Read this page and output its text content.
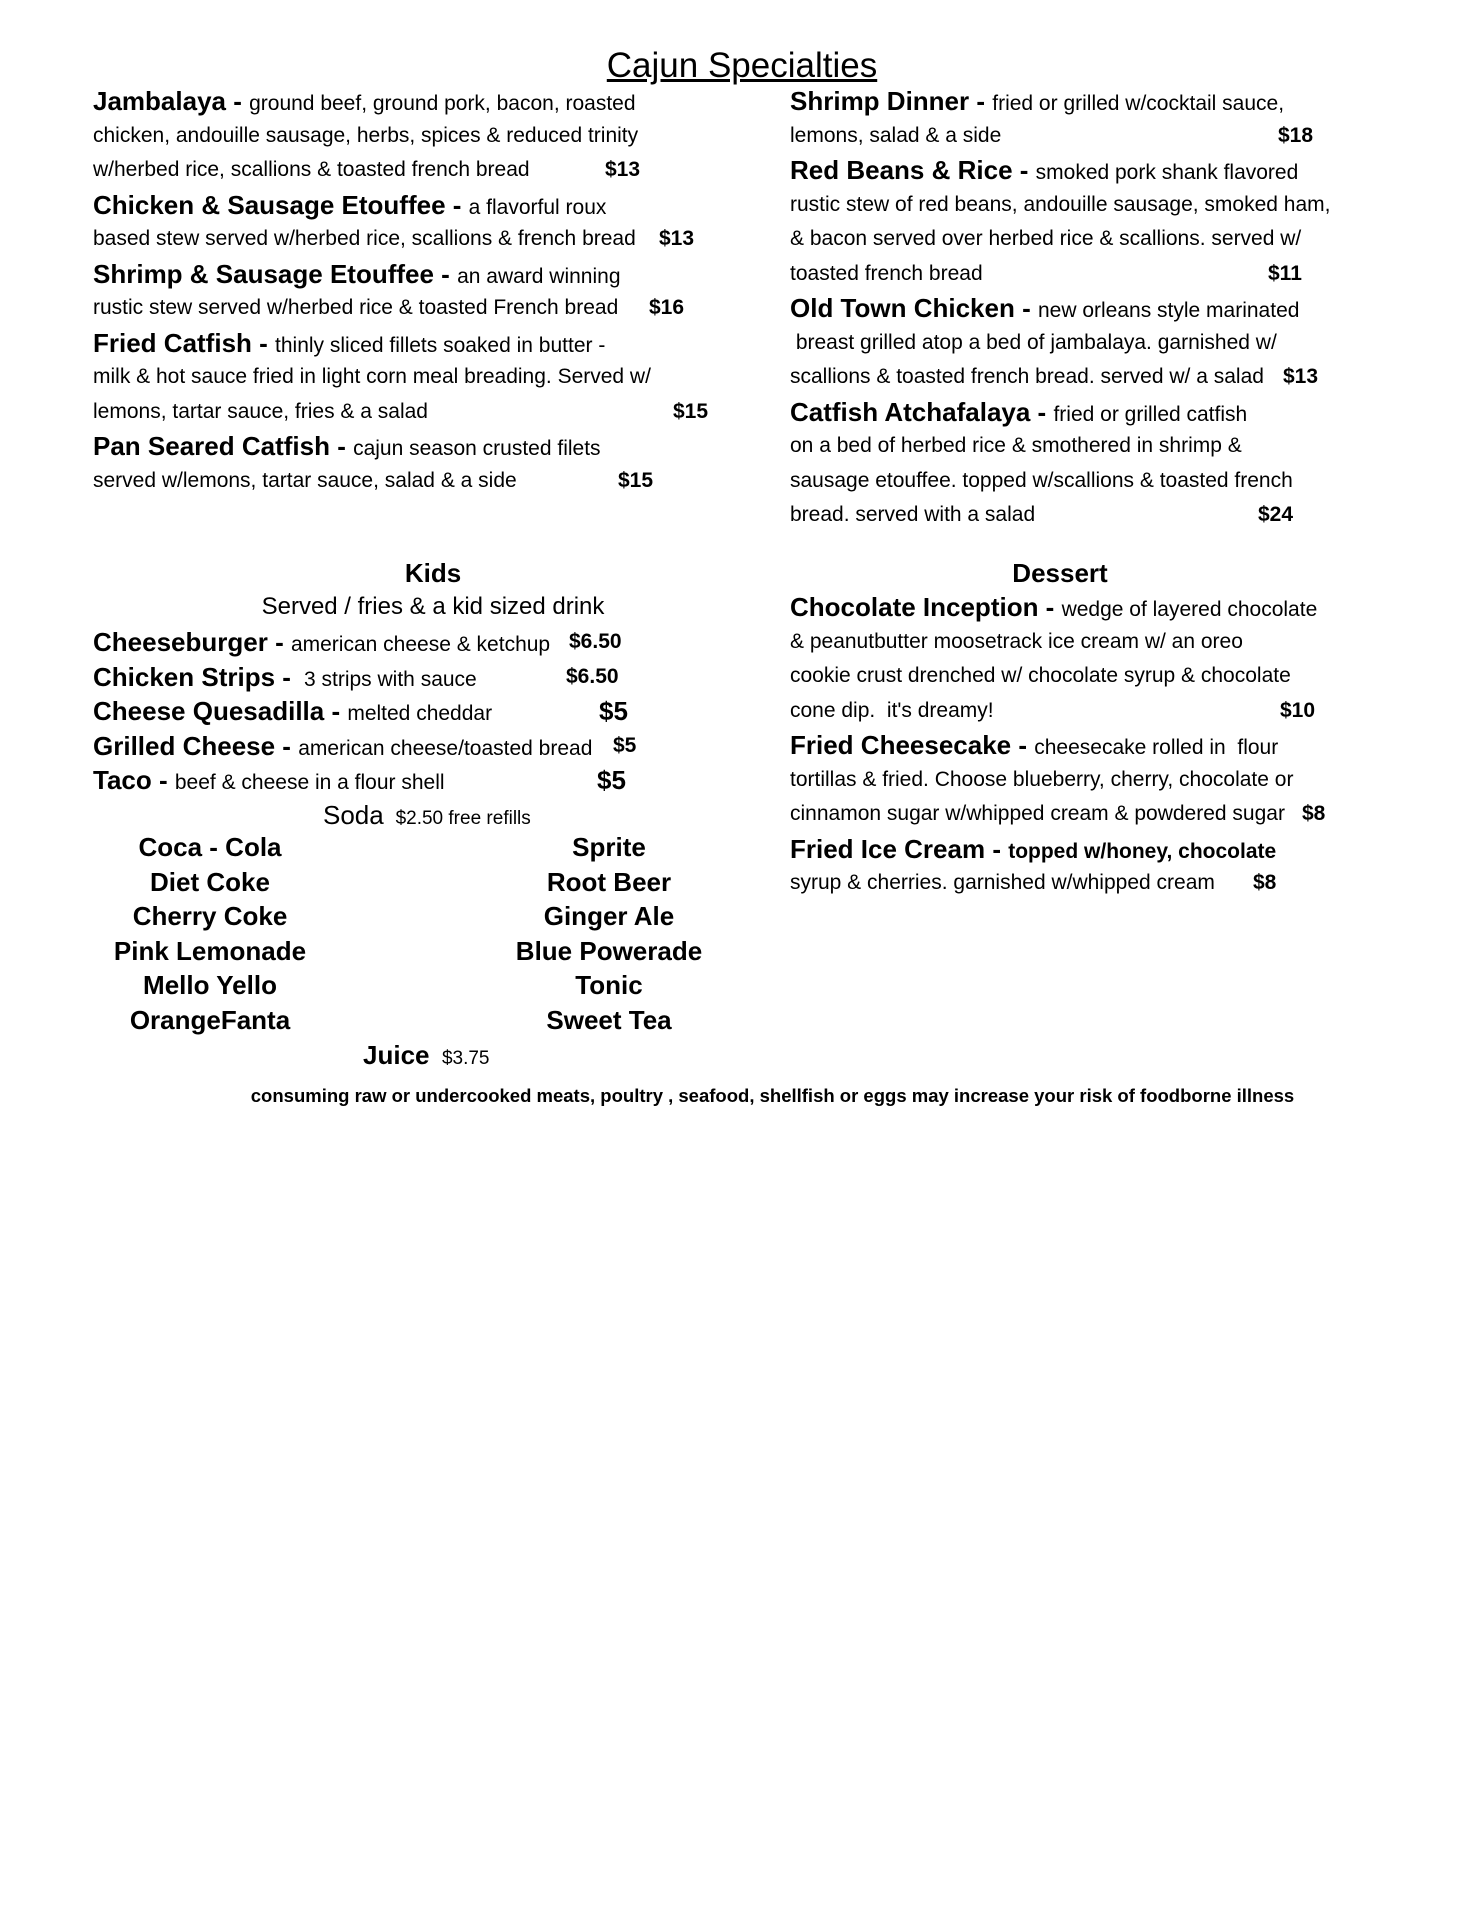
Cajun Specialties
Jambalaya - ground beef, ground pork, bacon, roasted
chicken, andouille sausage, herbs, spices & reduced trinity
w/herbed rice, scallions & toasted french bread	$13
Chicken & Sausage Etouffee - a flavorful roux
based stew served w/herbed rice, scallions & french bread $13
Shrimp & Sausage Etouffee - an award winning
rustic stew served w/herbed rice & toasted French bread $16
Fried Catfish - thinly sliced fillets soaked in butter -
milk & hot sauce fried in light corn meal breading. Served w/
lemons, tartar sauce, fries & a salad	$15
Pan Seared Catfish - cajun season crusted filets
served w/lemons, tartar sauce, salad & a side	$15
Shrimp Dinner - fried or grilled w/cocktail sauce,
lemons, salad & a side	$18
Red Beans & Rice - smoked pork shank flavored
rustic stew of red beans, andouille sausage, smoked ham,
& bacon served over herbed rice & scallions. served w/
toasted french bread	$11
Old Town Chicken - new orleans style marinated
breast grilled atop a bed of jambalaya. garnished w/
scallions & toasted french bread. served w/ a salad $13
Catfish Atchafalaya - fried or grilled catfish
on a bed of herbed rice & smothered in shrimp &
sausage etouffee. topped w/scallions & toasted french
bread. served with a salad	$24
Kids
Served / fries & a kid sized drink
Cheeseburger - american cheese & ketchup $6.50
Chicken Strips -  3 strips with sauce	$6.50
Cheese Quesadilla - melted cheddar	$5
Grilled Cheese - american cheese/toasted bread $5
Taco - beef & cheese in a flour shell	$5
Soda $2.50 free refills
Coca - Cola
Diet Coke
Cherry Coke
Pink Lemonade
Mello Yello
OrangeFanta
Sprite
Root Beer
Ginger Ale
Blue Powerade
Tonic
Sweet Tea
Juice $3.75
Dessert
Chocolate Inception - wedge of layered chocolate
& peanutbutter moosetrack ice cream w/ an oreo
cookie crust drenched w/ chocolate syrup & chocolate
cone dip.  it's dreamy!	$10
Fried Cheesecake - cheesecake rolled in  flour
tortillas & fried. Choose blueberry, cherry, chocolate or
cinnamon sugar w/whipped cream & powdered sugar $8
Fried Ice Cream - topped w/honey, chocolate
syrup & cherries. garnished w/whipped cream $8
consuming raw or undercooked meats, poultry , seafood, shellfish or eggs may increase your risk of foodborne illness
